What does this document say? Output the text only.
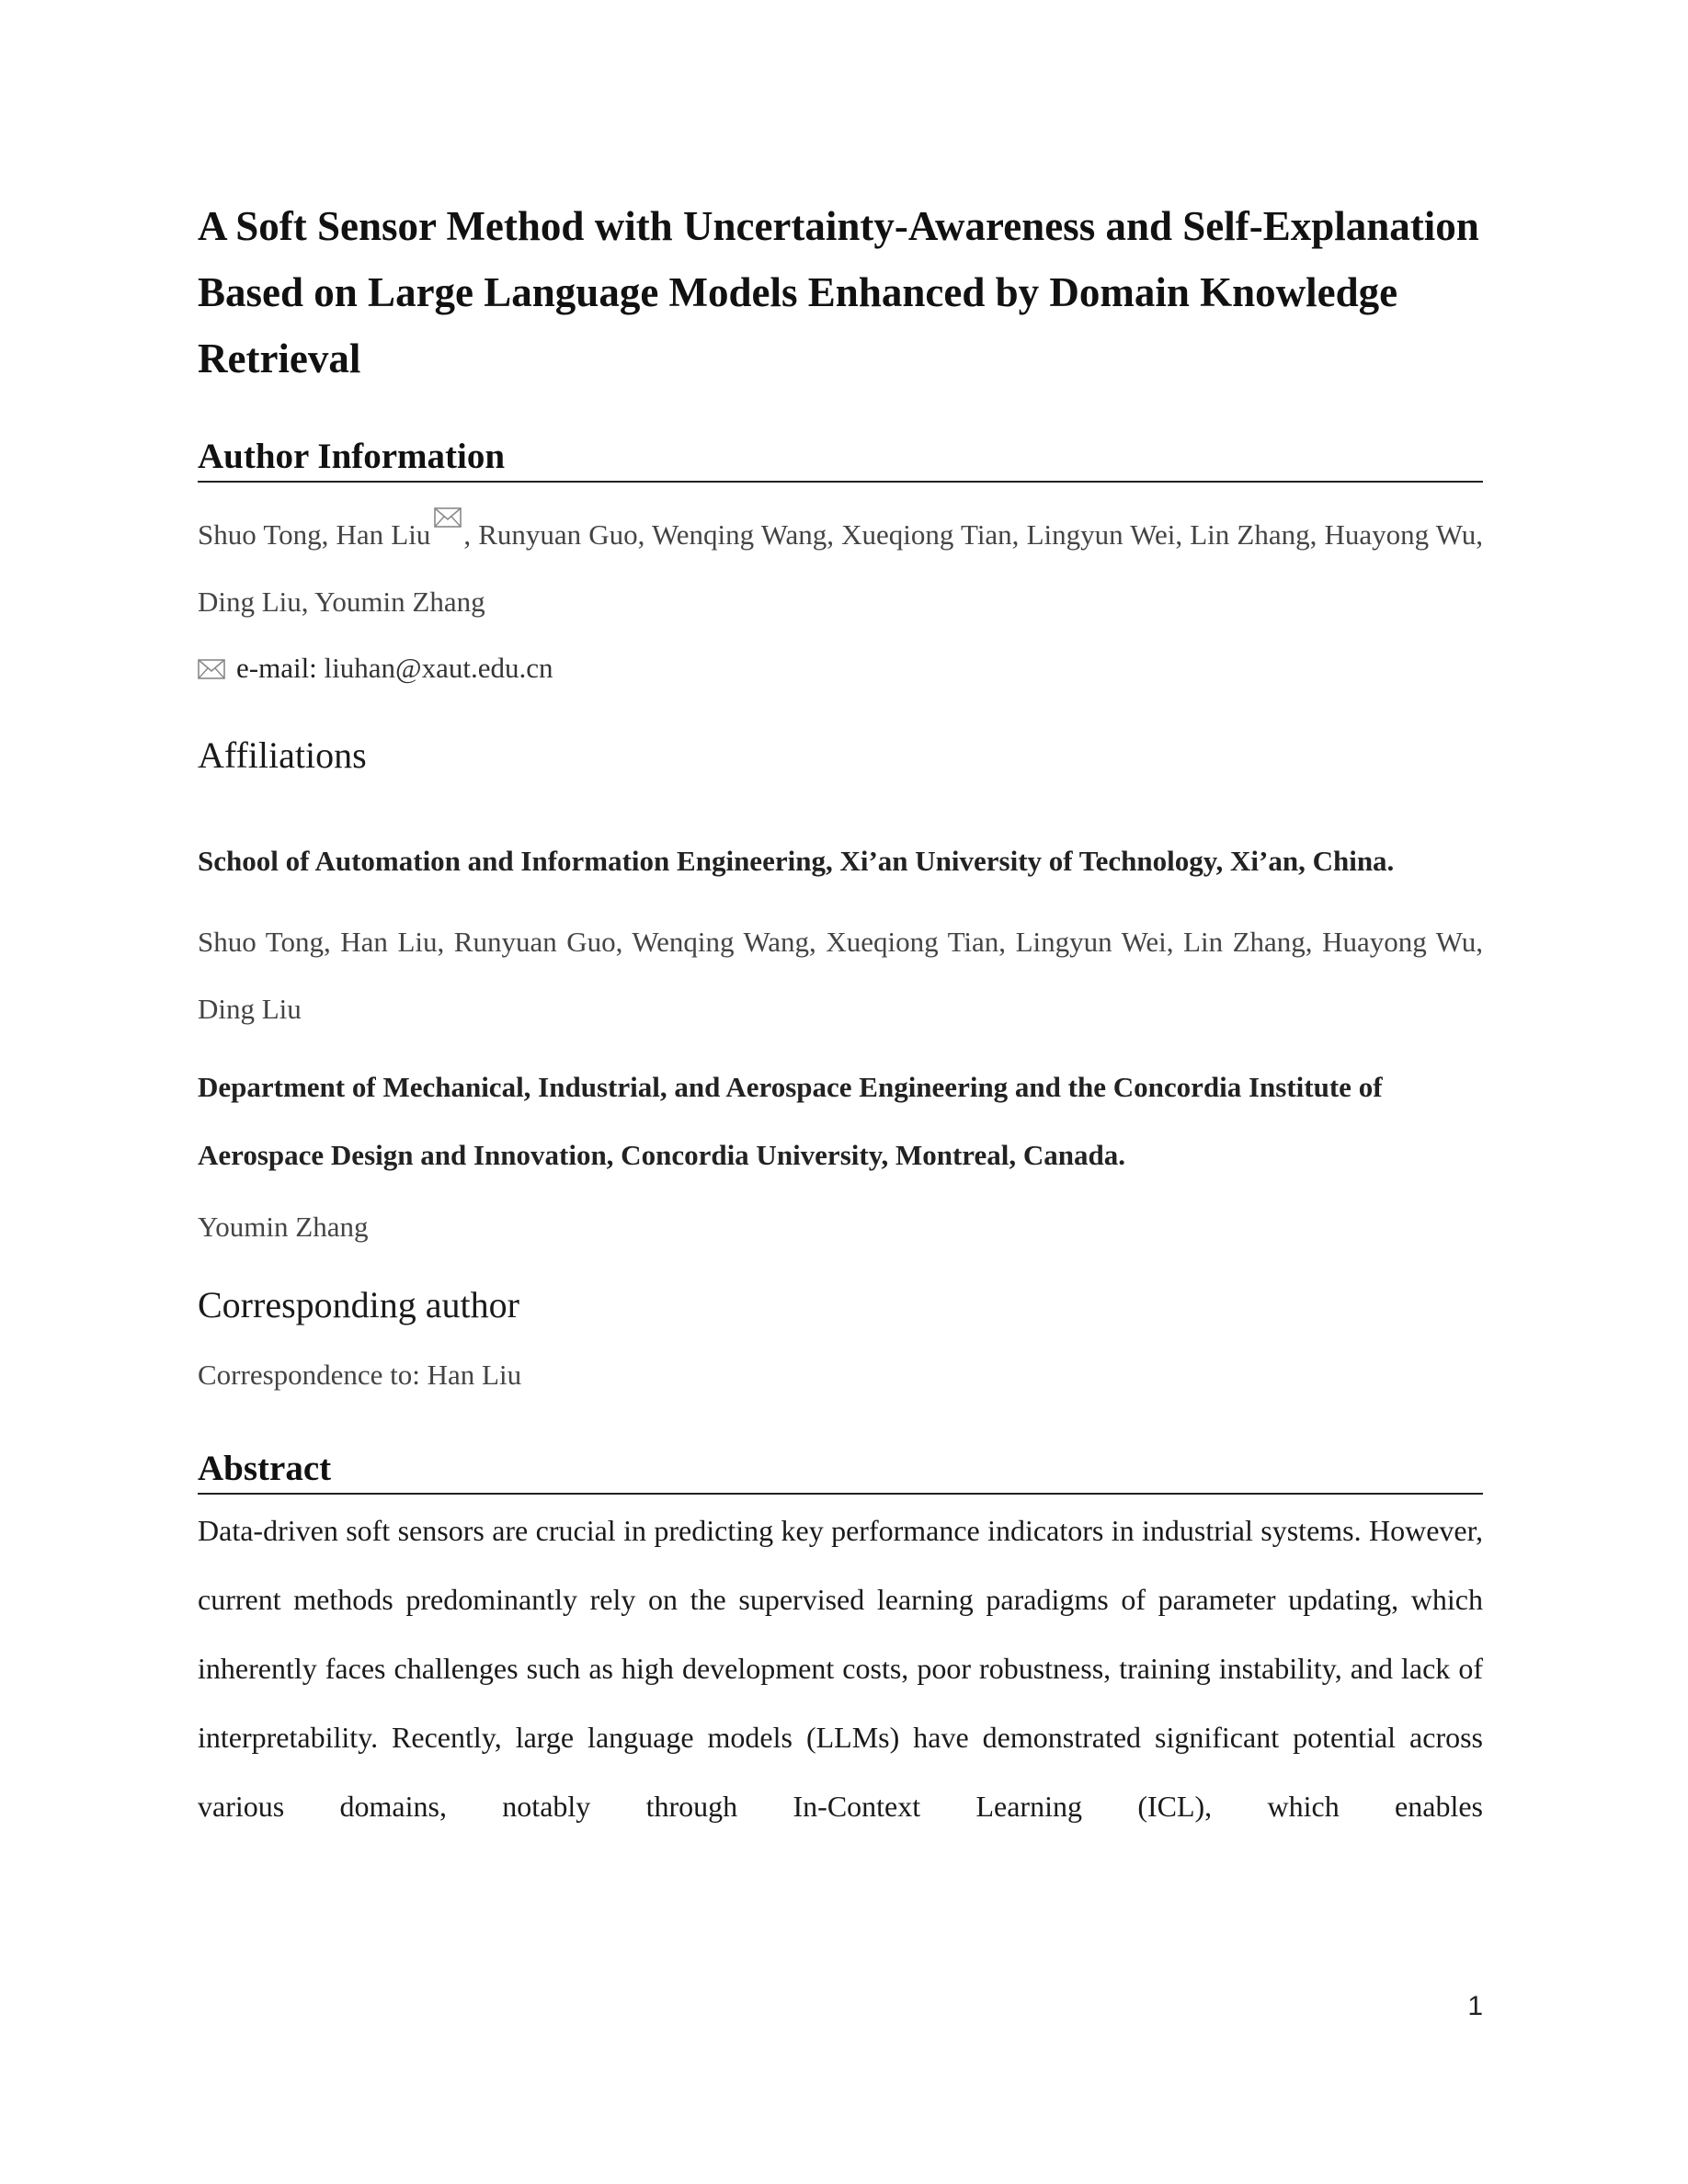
A Soft Sensor Method with Uncertainty-Awareness and Self-Explanation Based on Large Language Models Enhanced by Domain Knowledge Retrieval
Author Information
Shuo Tong, Han Liu , Runyuan Guo, Wenqing Wang, Xueqiong Tian, Lingyun Wei, Lin Zhang, Huayong Wu, Ding Liu, Youmin Zhang
e-mail: liuhan@xaut.edu.cn
Affiliations
School of Automation and Information Engineering, Xi’an University of Technology, Xi’an, China.
Shuo Tong, Han Liu, Runyuan Guo, Wenqing Wang, Xueqiong Tian, Lingyun Wei, Lin Zhang, Huayong Wu, Ding Liu
Department of Mechanical, Industrial, and Aerospace Engineering and the Concordia Institute of Aerospace Design and Innovation, Concordia University, Montreal, Canada.
Youmin Zhang
Corresponding author
Correspondence to: Han Liu
Abstract
Data-driven soft sensors are crucial in predicting key performance indicators in industrial systems. However, current methods predominantly rely on the supervised learning paradigms of parameter updating, which inherently faces challenges such as high development costs, poor robustness, training instability, and lack of interpretability. Recently, large language models (LLMs) have demonstrated significant potential across various domains, notably through In-Context Learning (ICL), which enables
1
